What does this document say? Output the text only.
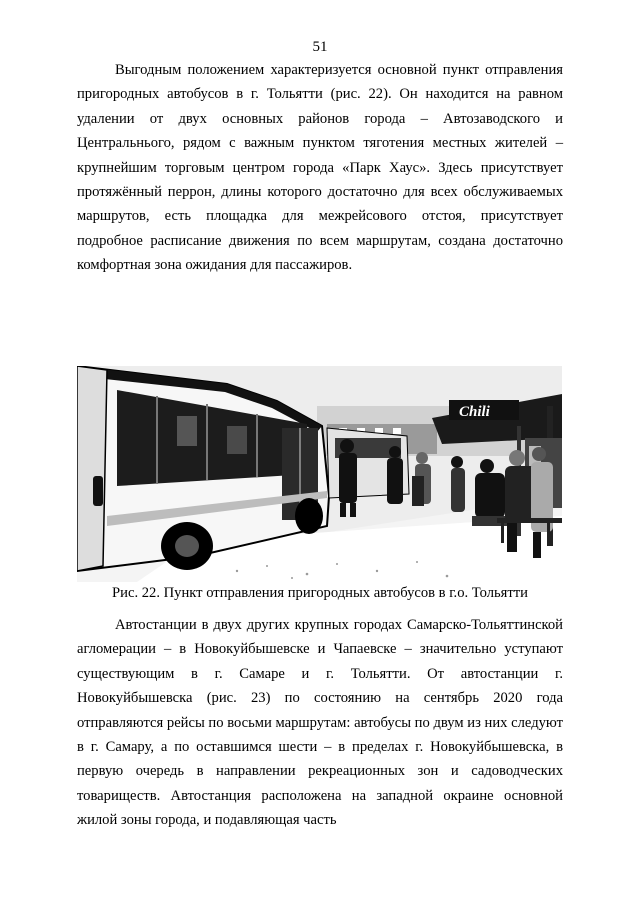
51

Выгодным положением характеризуется основной пункт отправления пригородных автобусов в г. Тольятти (рис. 22). Он находится на равном удалении от двух основных районов города – Автозаводского и Центральнього, рядом с важным пунктом тяготения местных жителей – крупнейшим торговым центром города «Парк Хаус». Здесь присутствует протяжённый перрон, длины которого достаточно для всех обслуживаемых маршрутов, есть площадка для межрейсового отстоя, присутствует подробное расписание движения по всем маршрутам, создана достаточно комфортная зона ожидания для пассажиров.

Chili
Рис. 22. Пункт отправления пригородных автобусов в г.о. Тольятти

Автостанции в двух других крупных городах Самарско-Тольяттинской агломерации – в Новокуйбышевске и Чапаевске – значительно уступают существующим в г. Самаре и г. Тольятти. От автостанции г. Новокуйбышевска (рис. 23) по состоянию на сентябрь 2020 года отправляются рейсы по восьми маршрутам: автобусы по двум из них следуют в г. Самару, а по оставшимся шести – в пределах г. Новокуйбышевска, в первую очередь в направлении рекреационных зон и садоводческих товариществ. Автостанция расположена на западной окраине основной жилой зоны города, и подавляющая часть
